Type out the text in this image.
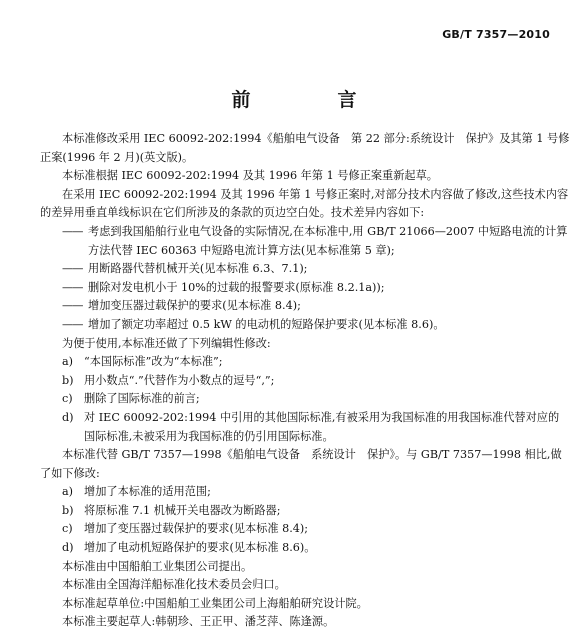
GB/T 7357—2010
前　言

本标准修改采用 IEC 60092-202:1994《船舶电气设备　第 22 部分:系统设计　保护》及其第 1 号修正案(1996 年 2 月)(英文版)。

本标准根据 IEC 60092-202:1994 及其 1996 年第 1 号修正案重新起草。

在采用 IEC 60092-202:1994 及其 1996 年第 1 号修正案时,对部分技术内容做了修改,这些技术内容的差异用垂直单线标识在它们所涉及的条款的页边空白处。技术差异内容如下:

—— 考虑到我国船舶行业电气设备的实际情况,在本标准中,用 GB/T 21066—2007 中短路电流的计算方法代替 IEC 60363 中短路电流计算方法(见本标准第 5 章);
—— 用断路器代替机械开关(见本标准 6.3、7.1);
—— 删除对发电机小于 10%的过载的报警要求(原标准 8.2.1a));
—— 增加变压器过载保护的要求(见本标准 8.4);
—— 增加了额定功率超过 0.5 kW 的电动机的短路保护要求(见本标准 8.6)。

为便于使用,本标准还做了下列编辑性修改:

a) “本国际标准”改为“本标准”;
b) 用小数点“.”代替作为小数点的逗号“,”;
c)	删除了国际标准的前言;
d) 对 IEC 60092-202:1994 中引用的其他国际标准,有被采用为我国标准的用我国标准代替对应的国际标准,未被采用为我国标准的仍引用国际标准。

本标准代替 GB/T 7357—1998《船舶电气设备　系统设计　保护》。与 GB/T 7357—1998 相比,做了如下修改:

a) 增加了本标准的适用范围;
b) 将原标准 7.1 机械开关电器改为断路器;
c)	增加了变压器过载保护的要求(见本标准 8.4);
d) 增加了电动机短路保护的要求(见本标准 8.6)。

本标准由中国船舶工业集团公司提出。

本标准由全国海洋船标准化技术委员会归口。

本标准起草单位:中国船舶工业集团公司上海船舶研究设计院。

本标准主要起草人:韩朝珍、王正甲、潘芝萍、陈逢源。
